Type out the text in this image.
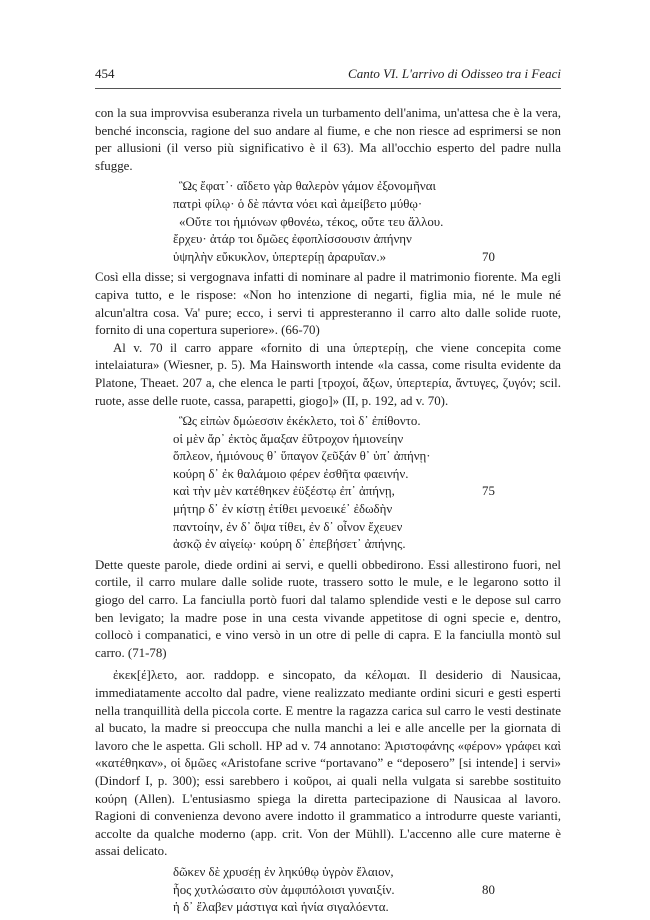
454	Canto VI. L'arrivo di Odisseo tra i Feaci

con la sua improvvisa esuberanza rivela un turbamento dell'anima, un'attesa che è la vera, benché inconscia, ragione del suo andare al fiume, e che non riesce ad esprimersi se non per allusioni (il verso più significativo è il 63). Ma all'occhio esperto del padre nulla sfugge.

Ὣς ἔφατ᾽· αἴδετο γὰρ θαλερὸν γάμον ἐξονομῆναι
πατρὶ φίλῳ· ὁ δὲ πάντα νόει καὶ ἀμείβετο μύθῳ·
«Οὔτε τοι ἡμιόνων φθονέω, τέκος, οὔτε τευ ἄλλου.
ἔρχευ· ἀτάρ τοι δμῶες ἐφοπλίσσουσιν ἀπήνην
ὑψηλὴν εὔκυκλον, ὑπερτερίῃ ἀραρυῖαν.»	70

Così ella disse; si vergognava infatti di nominare al padre il matrimonio fiorente. Ma egli capiva tutto, e le rispose: «Non ho intenzione di negarti, figlia mia, né le mule né alcun'altra cosa. Va' pure; ecco, i servi ti appresteranno il carro alto dalle solide ruote, fornito di una copertura superiore». (66-70)

Al v. 70 il carro appare «fornito di una ὑπερτερίῃ, che viene concepita come intelaiatura» (Wiesner, p. 5). Ma Hainsworth intende «la cassa, come risulta evidente da Platone, Theaet. 207 a, che elenca le parti [τροχοί, ἄξων, ὑπερτερία, ἄντυγες, ζυγόν; scil. ruote, asse delle ruote, cassa, parapetti, giogo]» (II, p. 192, ad v. 70).

Ὣς εἰπὼν δμώεσσιν ἐκέκλετο, τοὶ δ᾽ ἐπίθοντο.
οἱ μὲν ἄρ᾽ ἐκτὸς ἄμαξαν ἐΰτροχον ἡμιονείην
ὅπλεον, ἡμιόνους θ᾽ ὕπαγον ζεῦξάν θ᾽ ὑπ᾽ ἀπήνῃ·
κούρη δ᾽ ἐκ θαλάμοιο φέρεν ἐσθῆτα φαεινήν.
καὶ τὴν μὲν κατέθηκεν ἐϋξέστῳ ἐπ᾽ ἀπήνῃ,	75
μήτηρ δ᾽ ἐν κίστῃ ἐτίθει μενοεικέ᾽ ἐδωδὴν
παντοίην, ἐν δ᾽ ὄψα τίθει, ἐν δ᾽ οἶνον ἔχευεν
ἀσκῷ ἐν αἰγείῳ· κούρη δ᾽ ἐπεβήσετ᾽ ἀπήνης.

Dette queste parole, diede ordini ai servi, e quelli obbedirono. Essi allestirono fuori, nel cortile, il carro mulare dalle solide ruote, trassero sotto le mule, e le legarono sotto il giogo del carro. La fanciulla portò fuori dal talamo splendide vesti e le depose sul carro ben levigato; la madre pose in una cesta vivande appetitose di ogni specie e, dentro, collocò i companatici, e vino versò in un otre di pelle di capra. E la fanciulla montò sul carro. (71-78)

ἐκεκ[έ]λετο, aor. raddopp. e sincopato, da κέλομαι. Il desiderio di Nausicaa, immediatamente accolto dal padre, viene realizzato mediante ordini sicuri e gesti esperti nella tranquillità della piccola corte. E mentre la ragazza carica sul carro le vesti destinate al bucato, la madre si preoccupa che nulla manchi a lei e alle ancelle per la giornata di lavoro che le aspetta. Gli scholl. HP ad v. 74 annotano: Ἀριστοφάνης «φέρον» γράφει καὶ «κατέθηκαν», οἱ δμῶες «Aristofane scrive “portavano” e “deposero” [si intende] i servi» (Dindorf I, p. 300); essi sarebbero i κοῦροι, ai quali nella vulgata si sarebbe sostituito κούρη (Allen). L'entusiasmo spiega la diretta partecipazione di Nausicaa al lavoro. Ragioni di convenienza devono avere indotto il grammatico a introdurre queste varianti, accolte da qualche moderno (app. crit. Von der Mühll). L'accenno alle cure materne è assai delicato.

δῶκεν δὲ χρυσέῃ ἐν ληκύθῳ ὑγρὸν ἔλαιον,
ἧος χυτλώσαιτο σὺν ἀμφιπόλοισι γυναιξίν.	80
ἡ δ᾽ ἔλαβεν μάστιγα καὶ ἡνία σιγαλόεντα.
